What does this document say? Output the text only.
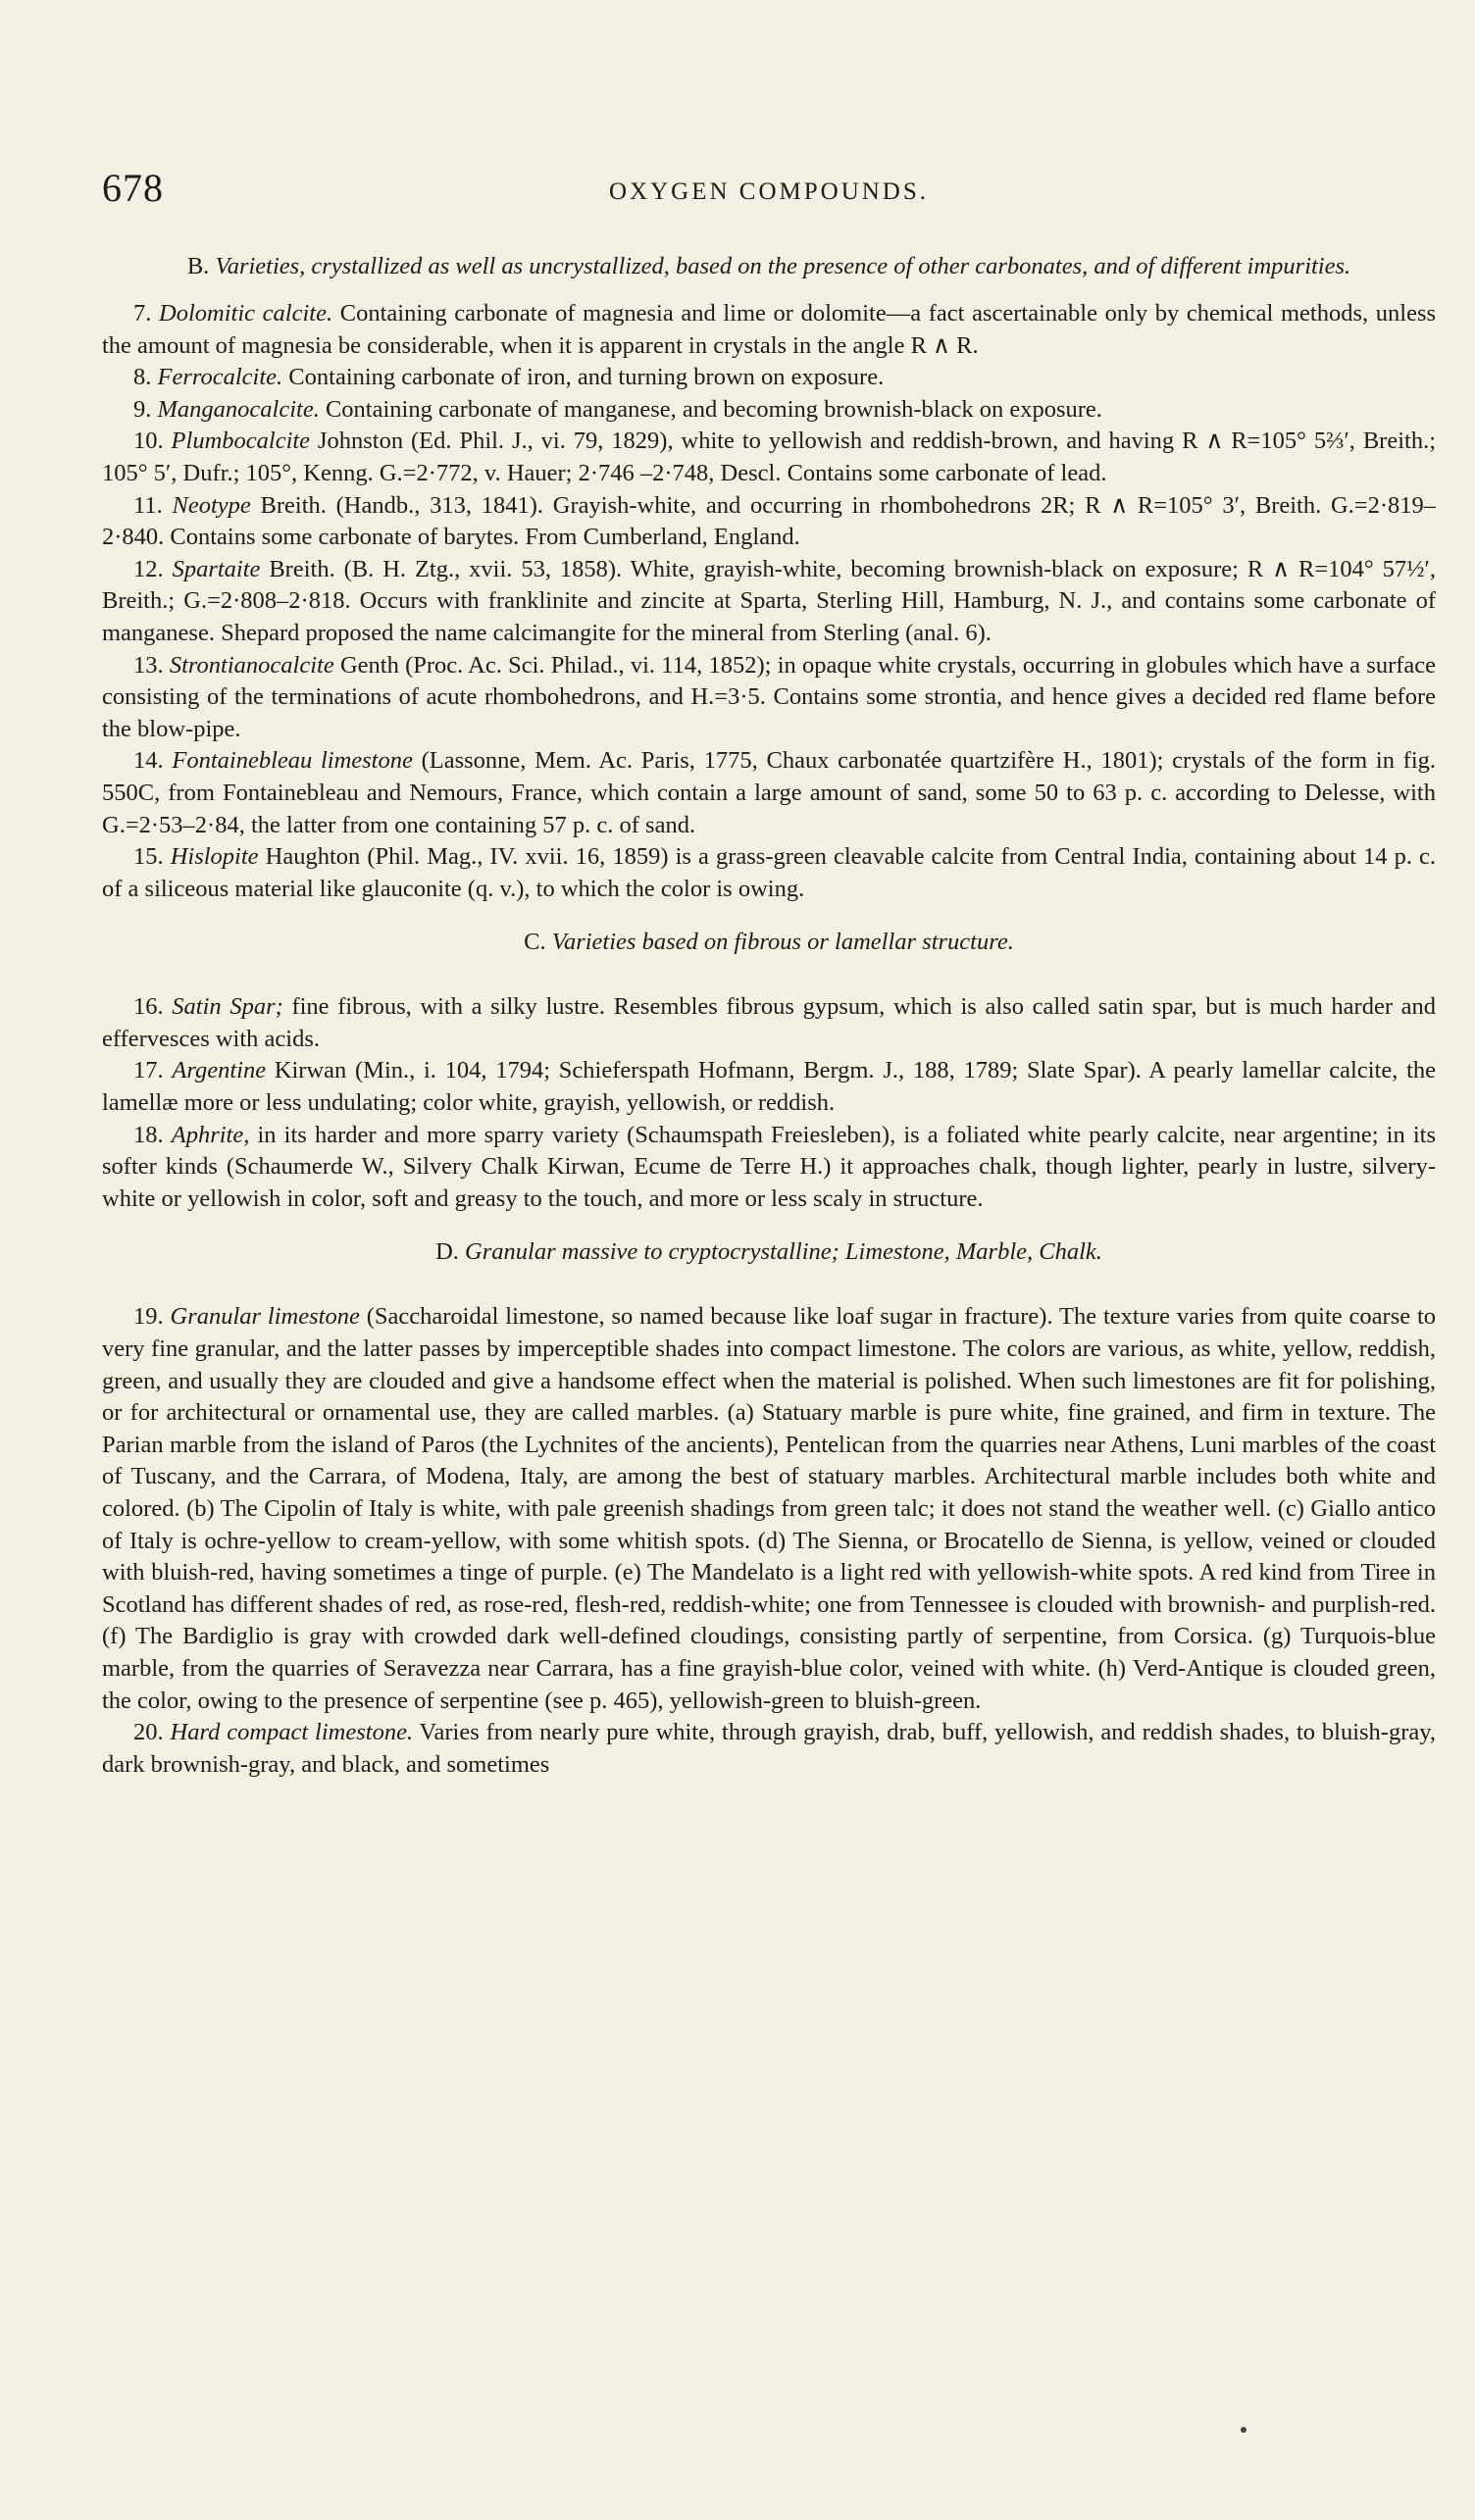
678	OXYGEN COMPOUNDS.
B. Varieties, crystallized as well as uncrystallized, based on the presence of other carbonates, and of different impurities.

7. Dolomitic calcite. Containing carbonate of magnesia and lime or dolomite—a fact ascertainable only by chemical methods, unless the amount of magnesia be considerable, when it is apparent in crystals in the angle R ∧ R.

8. Ferrocalcite. Containing carbonate of iron, and turning brown on exposure.

9. Manganocalcite. Containing carbonate of manganese, and becoming brownish-black on exposure.

10. Plumbocalcite Johnston (Ed. Phil. J., vi. 79, 1829), white to yellowish and reddish-brown, and having R ∧ R=105° 5⅔′, Breith.; 105° 5′, Dufr.; 105°, Kenng. G.=2·772, v. Hauer; 2·746 –2·748, Descl. Contains some carbonate of lead.

11. Neotype Breith. (Handb., 313, 1841). Grayish-white, and occurring in rhombohedrons 2R; R ∧ R=105° 3′, Breith. G.=2·819–2·840. Contains some carbonate of barytes. From Cumberland, England.

12. Spartaite Breith. (B. H. Ztg., xvii. 53, 1858). White, grayish-white, becoming brownish-black on exposure; R ∧ R=104° 57½′, Breith.; G.=2·808–2·818. Occurs with franklinite and zincite at Sparta, Sterling Hill, Hamburg, N. J., and contains some carbonate of manganese. Shepard proposed the name calcimangite for the mineral from Sterling (anal. 6).

13. Strontianocalcite Genth (Proc. Ac. Sci. Philad., vi. 114, 1852); in opaque white crystals, occurring in globules which have a surface consisting of the terminations of acute rhombohedrons, and H.=3·5. Contains some strontia, and hence gives a decided red flame before the blow-pipe.

14. Fontainebleau limestone (Lassonne, Mem. Ac. Paris, 1775, Chaux carbonatée quartzifère H., 1801); crystals of the form in fig. 550C, from Fontainebleau and Nemours, France, which contain a large amount of sand, some 50 to 63 p. c. according to Delesse, with G.=2·53–2·84, the latter from one containing 57 p. c. of sand.

15. Hislopite Haughton (Phil. Mag., IV. xvii. 16, 1859) is a grass-green cleavable calcite from Central India, containing about 14 p. c. of a siliceous material like glauconite (q. v.), to which the color is owing.

C. Varieties based on fibrous or lamellar structure.

16. Satin Spar; fine fibrous, with a silky lustre. Resembles fibrous gypsum, which is also called satin spar, but is much harder and effervesces with acids.

17. Argentine Kirwan (Min., i. 104, 1794; Schieferspath Hofmann, Bergm. J., 188, 1789; Slate Spar). A pearly lamellar calcite, the lamellæ more or less undulating; color white, grayish, yellowish, or reddish.

18. Aphrite, in its harder and more sparry variety (Schaumspath Freiesleben), is a foliated white pearly calcite, near argentine; in its softer kinds (Schaumerde W., Silvery Chalk Kirwan, Ecume de Terre H.) it approaches chalk, though lighter, pearly in lustre, silvery-white or yellowish in color, soft and greasy to the touch, and more or less scaly in structure.

D. Granular massive to cryptocrystalline; Limestone, Marble, Chalk.

19. Granular limestone (Saccharoidal limestone, so named because like loaf sugar in fracture). The texture varies from quite coarse to very fine granular, and the latter passes by imperceptible shades into compact limestone. The colors are various, as white, yellow, reddish, green, and usually they are clouded and give a handsome effect when the material is polished. When such limestones are fit for polishing, or for architectural or ornamental use, they are called marbles. (a) Statuary marble is pure white, fine grained, and firm in texture. The Parian marble from the island of Paros (the Lychnites of the ancients), Pentelican from the quarries near Athens, Luni marbles of the coast of Tuscany, and the Carrara, of Modena, Italy, are among the best of statuary marbles. Architectural marble includes both white and colored. (b) The Cipolin of Italy is white, with pale greenish shadings from green talc; it does not stand the weather well. (c) Giallo antico of Italy is ochre-yellow to cream-yellow, with some whitish spots. (d) The Sienna, or Brocatello de Sienna, is yellow, veined or clouded with bluish-red, having sometimes a tinge of purple. (e) The Mandelato is a light red with yellowish-white spots. A red kind from Tiree in Scotland has different shades of red, as rose-red, flesh-red, reddish-white; one from Tennessee is clouded with brownish- and purplish-red. (f) The Bardiglio is gray with crowded dark well-defined cloudings, consisting partly of serpentine, from Corsica. (g) Turquois-blue marble, from the quarries of Seravezza near Carrara, has a fine grayish-blue color, veined with white. (h) Verd-Antique is clouded green, the color, owing to the presence of serpentine (see p. 465), yellowish-green to bluish-green.

20. Hard compact limestone. Varies from nearly pure white, through grayish, drab, buff, yellowish, and reddish shades, to bluish-gray, dark brownish-gray, and black, and sometimes
